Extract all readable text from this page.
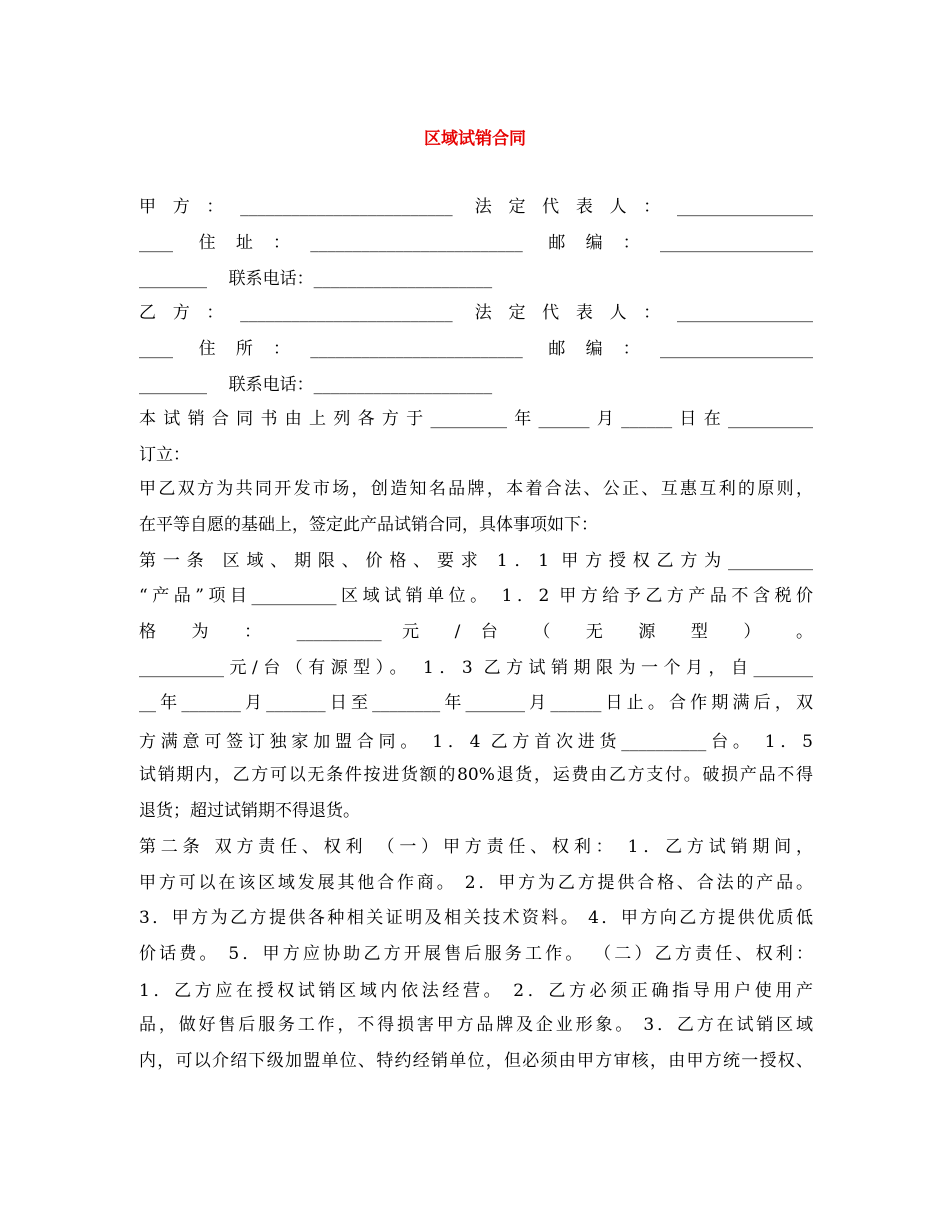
区域试销合同
甲方：_________________________ 法定代表人：________________
____ 住址：_________________________ 邮编：__________________
________    联系电话：_____________________
乙方：_________________________ 法定代表人：________________
____ 住所：_________________________ 邮编：__________________
________    联系电话：_____________________
本试销合同书由上列各方于_________年______月______日在__________
订立：
甲乙双方为共同开发市场，创造知名品牌，本着合法、公正、互惠互利的原则，
在平等自愿的基础上，签定此产品试销合同，具体事项如下：
第一条 区域、期限、价格、要求 1．1 甲方授权乙方为__________
“产品”项目__________区域试销单位。 1．2 甲方给予乙方产品不含税价
格 为 ： __________ 元 / 台 （ 无 源 型 ） 。
__________元/台（有源型）。 1．3 乙方试销期限为一个月，自_______
__年_______月_______日至________年_______月______日止。合作期满后，双
方满意可签订独家加盟合同。 1．4 乙方首次进货__________台。 1．5
试销期内，乙方可以无条件按进货额的80%退货，运费由乙方支付。破损产品不得
退货；超过试销期不得退货。
第二条 双方责任、权利 （一）甲方责任、权利： 1．乙方试销期间，
甲方可以在该区域发展其他合作商。 2．甲方为乙方提供合格、合法的产品。
3．甲方为乙方提供各种相关证明及相关技术资料。 4．甲方向乙方提供优质低
价话费。 5．甲方应协助乙方开展售后服务工作。 （二）乙方责任、权利：
1．乙方应在授权试销区域内依法经营。 2．乙方必须正确指导用户使用产
品，做好售后服务工作，不得损害甲方品牌及企业形象。 3．乙方在试销区域
内，可以介绍下级加盟单位、特约经销单位，但必须由甲方审核，由甲方统一授权、
